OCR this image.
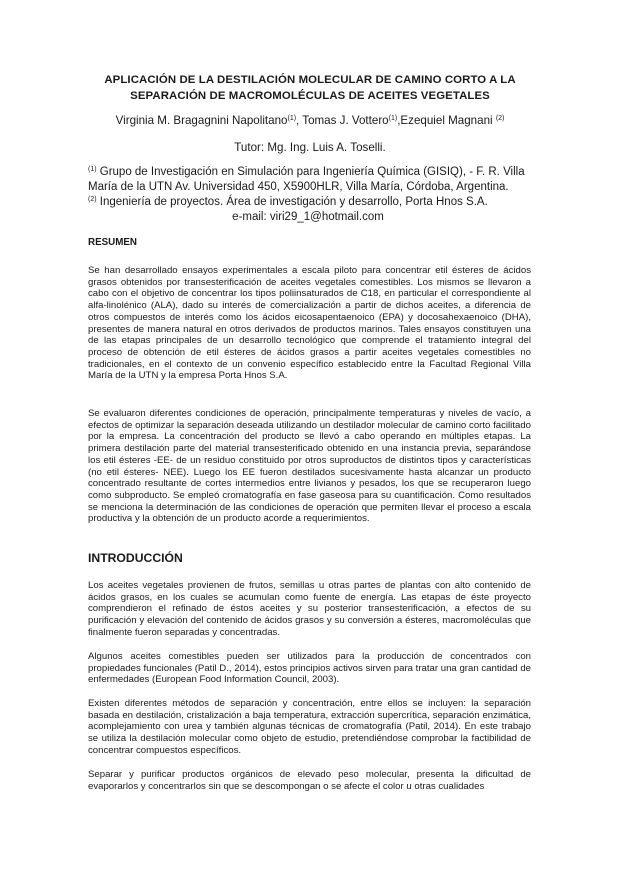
APLICACIÓN DE LA DESTILACIÓN MOLECULAR DE CAMINO CORTO A LA SEPARACIÓN DE MACROMOLÉCULAS DE ACEITES VEGETALES
Virginia M. Bragagnini Napolitano$^{(1)}$, Tomas J. Vottero$^{(1)}$,Ezequiel Magnani $^{(2)}$
Tutor: Mg. Ing. Luis A. Toselli.

$^{(1)}$ Grupo de Investigación en Simulación para Ingeniería Química (GISIQ), - F. R. Villa María de la UTN Av. Universidad 450, X5900HLR, Villa María, Córdoba, Argentina.

$^{(2)}$ Ingeniería de proyectos. Área de investigación y desarrollo, Porta Hnos S.A.

e-mail: viri29_1@hotmail.com

RESUMEN

Se han desarrollado ensayos experimentales a escala piloto para concentrar etil ésteres de ácidos grasos obtenidos por transesterificación de aceites vegetales comestibles. Los mismos se llevaron a cabo con el objetivo de concentrar los tipos poliinsaturados de C18, en particular el correspondiente al alfa-linolénico (ALA), dado su interés de comercialización a partir de dichos aceites, a diferencia de otros compuestos de interés como los ácidos eicosapentaenoico (EPA) y docosahexaenoico (DHA), presentes de manera natural en otros derivados de productos marinos. Tales ensayos constituyen una de las etapas principales de un desarrollo tecnológico que comprende el tratamiento integral del proceso de obtención de etil ésteres de ácidos grasos a partir aceites vegetales comestibles no tradicionales, en el contexto de un convenio específico establecido entre la Facultad Regional Villa María de la UTN y la empresa Porta Hnos S.A.

Se evaluaron diferentes condiciones de operación, principalmente temperaturas y niveles de vacío, a efectos de optimizar la separación deseada utilizando un destilador molecular de camino corto facilitado por la empresa. La concentración del producto se llevó a cabo operando en múltiples etapas. La primera destilación parte del material transesterificado obtenido en una instancia previa, separándose los etil ésteres -EE- de un residuo constituido por otros suproductos de distintos tipos y características (no etil ésteres- NEE). Luego los EE fueron destilados sucesivamente hasta alcanzar un producto concentrado resultante de cortes intermedios entre livianos y pesados, los que se recuperaron luego como subproducto. Se empleó cromatografía en fase gaseosa para su cuantificación. Como resultados se menciona la determinación de las condiciones de operación que permiten llevar el proceso a escala productiva y la obtención de un producto acorde a requerimientos.

INTRODUCCIÓN

Los aceites vegetales provienen de frutos, semillas u otras partes de plantas con alto contenido de ácidos grasos, en los cuales se acumulan como fuente de energía. Las etapas de éste proyecto comprendieron el refinado de éstos aceites y su posterior transesterificación, a efectos de su purificación y elevación del contenido de ácidos grasos y su conversión a ésteres, macromoléculas que finalmente fueron separadas y concentradas.

Algunos aceites comestibles pueden ser utilizados para la producción de concentrados con propiedades funcionales (Patil D., 2014), estos principios activos sirven para tratar una gran cantidad de enfermedades (European Food Information Council, 2003).

Existen diferentes métodos de separación y concentración, entre ellos se incluyen: la separación basada en destilación, cristalización a baja temperatura, extracción supercrítica, separación enzimática, acomplejamiento con urea y también algunas técnicas de cromatografía (Patil, 2014). En este trabajo se utiliza la destilación molecular como objeto de estudio, pretendiéndose comprobar la factibilidad de concentrar compuestos específicos.

Separar y purificar productos orgánicos de elevado peso molecular, presenta la dificultad de evaporarlos y concentrarlos sin que se descompongan o se afecte el color u otras cualidades
